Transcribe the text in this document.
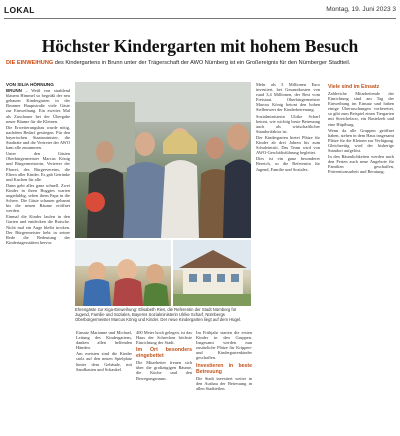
LOKAL	Montag, 19. Juni 2023 3
Höchster Kindergarten mit hohem Besuch
DIE EINWEIHUNG des Kindergartens in Brunn unter der Trägerschaft der AWO Nürnberg ist ein Großereignis für den Nürnberger Stadtteil.
VON SILIA HÖRNUNG

BRUNN – Weiß von strahlend blauem Himmel so begrüßt der neu gebauen Kindergarten in der Brunner Hauptstraße viele Gäste zur Einweihung. Ein zweites Mal als Zuschauer bei der Übergabe neuer Räume für die Kleinen.

Die Erweiterungsbau wurde nötig, nachdem Bedarf gestiegen. Für den bayerischen Staatsminister, die Stadträte und die Vertreter der AWO kam alle zusammen.

Unter den Gästen Oberbürgermeister Marcus König und Bürgermeisterin, Vertreter der Pfarrei, des Bürgervereins, die Eltern aller Kinder. Es gab Getränke und Kuchen für alle.

Dann geht alles ganz schnell. Zwei Kinder in ihren Buggies warten ungeduldig, sehen ihren Papa in die Schere. Die Gäste schauen gebannt bis die neuen Räume eröffnet werden.

Einmal die Kinder laufen in den Garten und entdecken die Rutsche. Nicht mal ein Auge bleibt trocken. Der Bürgermeister hebt in seiner Rede die Bedeutung der Kindertagesstätten hervor.

Ehrengäste zur Kiga-Einweihung: Elisabeth Ries, die Referentin der Stadt Nürnberg für Jugend, Familie und Soziales, Bayerns Sozialministerin Ulrike Scharf, Nürnbergs Oberbürgermeister Marcus König und Kinder. Der neue Kindergarten liegt auf dem Hügel.

Einsatz Marianne und Michael, Leitung des Kindergartens, danken allen helfenden Händen.

Am meisten sind die Kinder stolz auf den neuen Spielplatz hinter dem Gebäude, mit Sandkasten und Schaukel.

400 Meter hoch gelegen, ist das Haus der Schrecken höchste Einrichtung der Stadt.

Im Ort besonders eingebettet

Die Mitarbeiter freuen sich über die großzügigen Räume, die Küche und den Bewegungsraum.

Im Frühjahr starten die ersten Kinder in den Gruppen. Insgesamt werden nun zusätzliche Plätze für Krippen- und Kindergartenkinder geschaffen.

Investieren in beste Betreuung

Die Stadt investiert weiter in den Ausbau der Betreuung in allen Stadtteilen.

Mehr als 3 Millionen Euro investiert, bei Gesamtkosten von rund 3,4 Millionen, der Rest vom Freistaat. Oberbürgermeister Marcus König betont den hohen Stellenwert der Kinderbetreuung.

Sozialministerin Ulrike Scharf betont, wie wichtig beste Betreuung auch als wirtschaftlicher Standortfaktor ist.

Der Kindergarten bietet Plätze für Kinder ab drei Jahren bis zum Schuleintritt. Das Team wird von AWO-Geschäftsführung begleitet.

Dies ist ein ganz besonderer Bereich, so die Referentin für Jugend, Familie und Soziales.

Viele sind im Einsatz

Zahlreiche Mitarbeitende der Einrichtung sind am Tag der Einweihung im Einsatz und haben einige Überraschungen vorbereitet, so gibt zum Beispiel einen Tiergarten mit Streichelzoo, ein Bastelzelt und eine Hüpfburg.

Wenn da alle Gruppen geöffnet haben, stehen in dem Haus insgesamt Plätze für die Kleinen zur Verfügung. Gleichzeitig wird der bisherige Standort aufgelöst.

In den Räumlichkeiten werden nach den Ferien auch neue Angebote für Familien geschaffen, Präventionsarbeit und Beratung.
